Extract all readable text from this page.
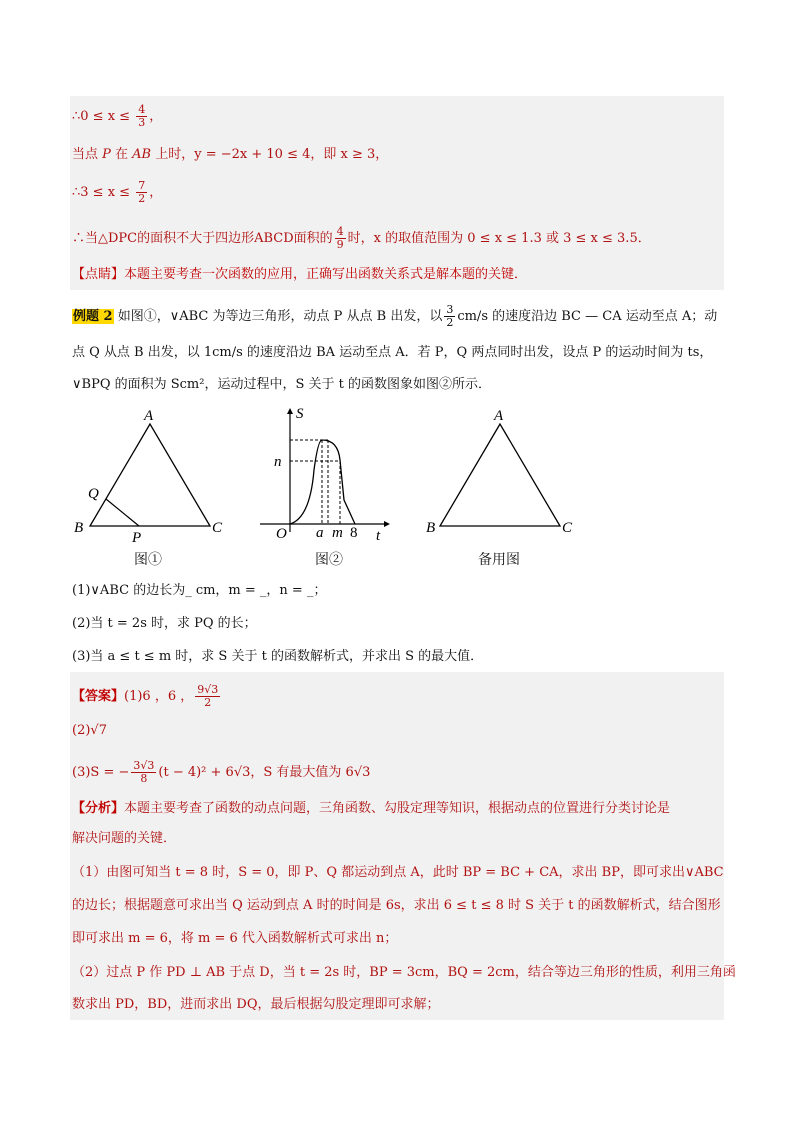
∴0 ≤ $x \le \frac{4}{3}$ ，
当点 P 在 AB 上时，y = −2x + 10 ≤ 4，即 x ≥ 3，
∴3 ≤ $x \le \frac{7}{2}$ ，
∴当△DPC的面积不大于四边形ABCD面积的 $\frac{4}{9}$ 时，x 的取值范围为 0 ≤ x ≤ 1.3 或 3 ≤ x ≤ 3.5．
【点睛】本题主要考查一次函数的应用，正确写出函数关系式是解本题的关键．
例题 2 如图①，∨ABC 为等边三角形，动点 P 从点 B 出发，以 $\frac{3}{2} cm/s$ 的速度沿边 BC — CA 运动至点 A；动
点 Q 从点 B 出发，以 1cm/s 的速度沿边 BA 运动至点 A．若 P，Q 两点同时出发，设点 P 的运动时间为 ts，
∨BPQ 的面积为 Scm²，运动过程中，S 关于 t 的函数图象如图②所示．
A
B	C
Q
P
图①
S
n
O a m 8 t
图②
A
B	C
备用图
(1)∨ABC 的边长为_ cm，m = _，n = _；
(2)当 t = 2s 时，求 PQ 的长；
(3)当 a ≤ t ≤ m 时，求 S 关于 t 的函数解析式，并求出 S 的最大值．
【答案】(1)6 ，6 ， $\frac{9√3}{2}$
(2)√7
(3)S = − $\frac{3√3}{8} (t - 4)^2 + 6√3$，S 有最大值为 6√3
【分析】本题主要考查了函数的动点问题，三角函数、勾股定理等知识，根据动点的位置进行分类讨论是
解决问题的关键．
（1）由图可知当 t = 8 时，S = 0，即 P、Q 都运动到点 A，此时 BP = BC + CA，求出 BP，即可求出∨ABC
的边长；根据题意可求出当 Q 运动到点 A 时的时间是 6s，求出 6 ≤ t ≤ 8 时 S 关于 t 的函数解析式，结合图形
即可求出 m = 6，将 m = 6 代入函数解析式可求出 n；
（2）过点 P 作 PD ⊥ AB 于点 D，当 t = 2s 时，BP = 3cm，BQ = 2cm，结合等边三角形的性质，利用三角函
数求出 PD，BD，进而求出 DQ，最后根据勾股定理即可求解；
